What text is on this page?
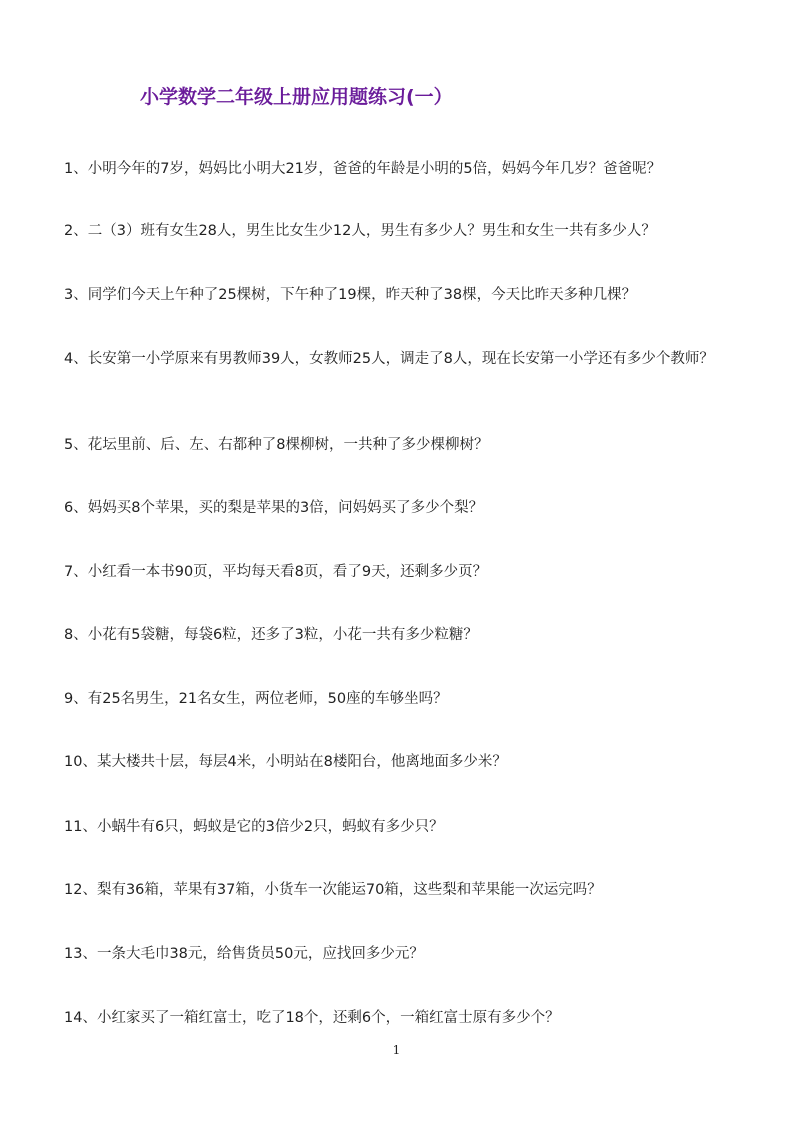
小学数学二年级上册应用题练习(一）
1、小明今年的7岁，妈妈比小明大21岁，爸爸的年龄是小明的5倍，妈妈今年几岁？爸爸呢？
2、二（3）班有女生28人，男生比女生少12人，男生有多少人？男生和女生一共有多少人？
3、同学们今天上午种了25棵树，下午种了19棵，昨天种了38棵，今天比昨天多种几棵？
4、长安第一小学原来有男教师39人，女教师25人，调走了8人，现在长安第一小学还有多少个教师？
5、花坛里前、后、左、右都种了8棵柳树，一共种了多少棵柳树？
6、妈妈买8个苹果，买的梨是苹果的3倍，问妈妈买了多少个梨？
7、小红看一本书90页，平均每天看8页，看了9天，还剩多少页？
8、小花有5袋糖，每袋6粒，还多了3粒，小花一共有多少粒糖？
9、有25名男生，21名女生，两位老师，50座的车够坐吗？
10、某大楼共十层，每层4米，小明站在8楼阳台，他离地面多少米？
11、小蜗牛有6只，蚂蚁是它的3倍少2只，蚂蚁有多少只？
12、梨有36箱，苹果有37箱，小货车一次能运70箱，这些梨和苹果能一次运完吗？
13、一条大毛巾38元，给售货员50元，应找回多少元？
14、小红家买了一箱红富士，吃了18个，还剩6个，一箱红富士原有多少个？
1
